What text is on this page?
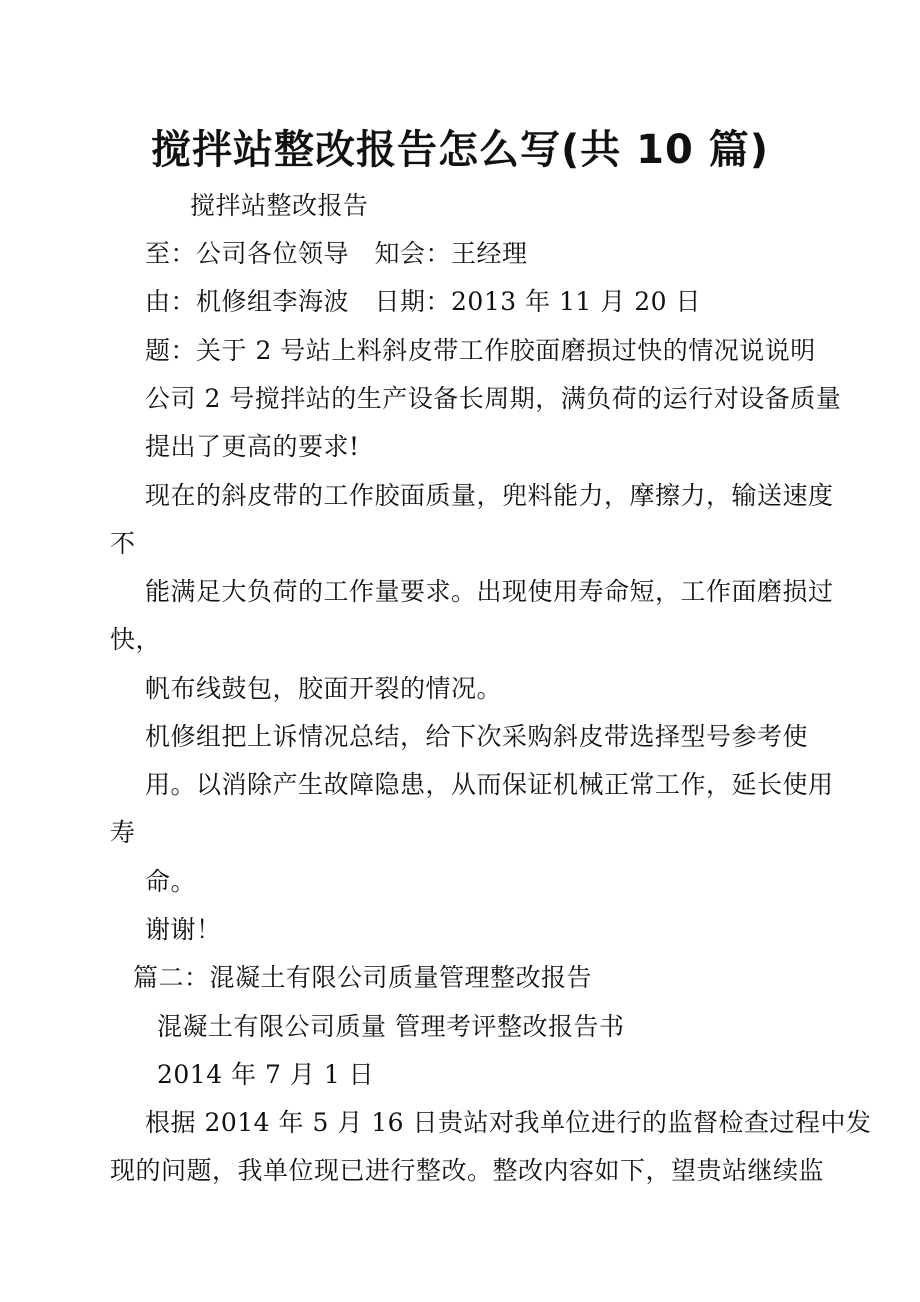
搅拌站整改报告怎么写(共 10 篇)
搅拌站整改报告
至：公司各位领导　知会：王经理
由：机修组李海波　日期：2013 年 11 月 20 日
题：关于 2 号站上料斜皮带工作胶面磨损过快的情况说说明
公司 2 号搅拌站的生产设备长周期，满负荷的运行对设备质量
提出了更高的要求!
现在的斜皮带的工作胶面质量，兜料能力，摩擦力，输送速度
不
能满足大负荷的工作量要求。出现使用寿命短，工作面磨损过
快，
帆布线鼓包，胶面开裂的情况。
机修组把上诉情况总结，给下次采购斜皮带选择型号参考使
用。以消除产生故障隐患，从而保证机械正常工作，延长使用
寿
命。
谢谢！
篇二：混凝土有限公司质量管理整改报告
混凝土有限公司质量 管理考评整改报告书
2014 年 7 月 1 日
根据 2014 年 5 月 16 日贵站对我单位进行的监督检查过程中发
现的问题，我单位现已进行整改。整改内容如下，望贵站继续监
